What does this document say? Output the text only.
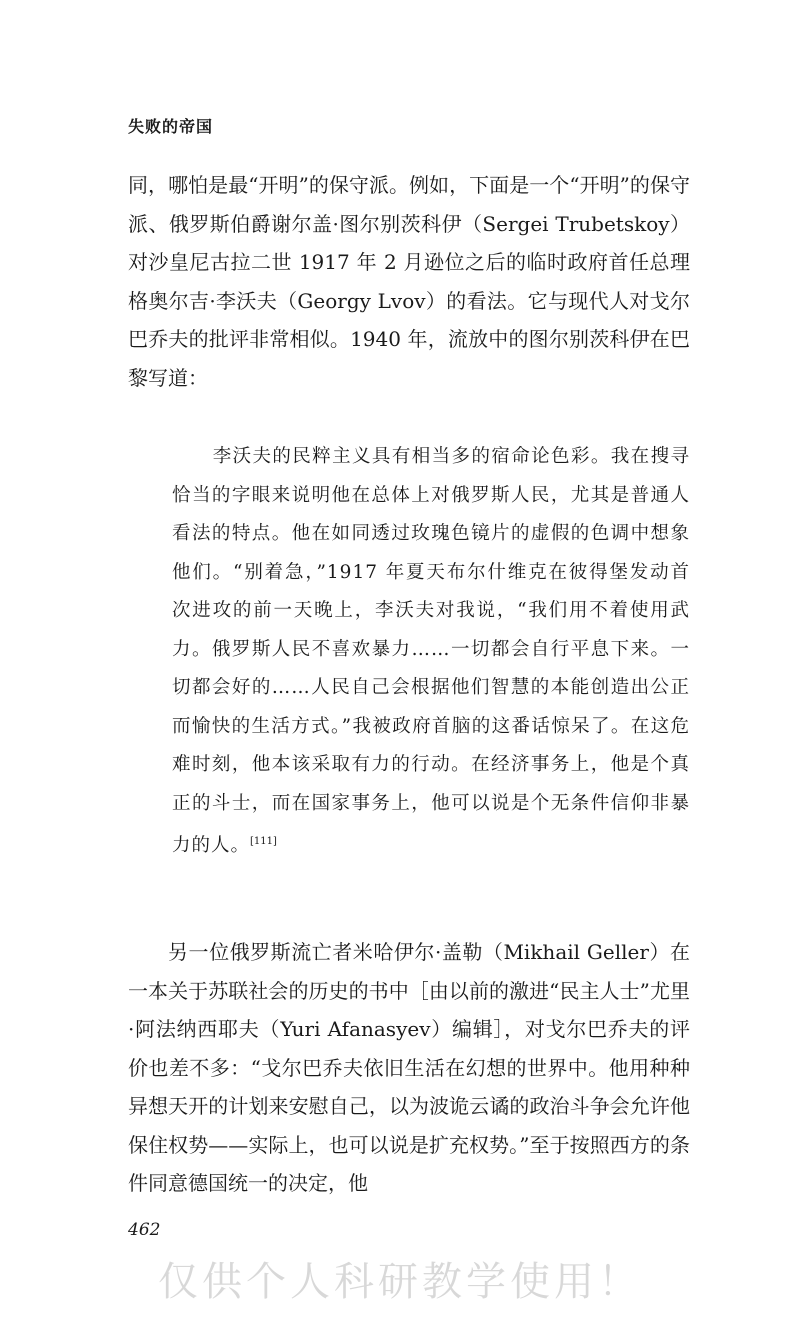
失败的帝国

同，哪怕是最“开明”的保守派。例如，下面是一个“开明”的保守派、俄罗斯伯爵谢尔盖·图尔别茨科伊（Sergei Trubetskoy）对沙皇尼古拉二世 1917 年 2 月逊位之后的临时政府首任总理格奥尔吉·李沃夫（Georgy Lvov）的看法。它与现代人对戈尔巴乔夫的批评非常相似。1940 年，流放中的图尔别茨科伊在巴黎写道：

李沃夫的民粹主义具有相当多的宿命论色彩。我在搜寻恰当的字眼来说明他在总体上对俄罗斯人民，尤其是普通人看法的特点。他在如同透过玫瑰色镜片的虚假的色调中想象他们。“别着急，”1917 年夏天布尔什维克在彼得堡发动首次进攻的前一天晚上，李沃夫对我说，“我们用不着使用武力。俄罗斯人民不喜欢暴力……一切都会自行平息下来。一切都会好的……人民自己会根据他们智慧的本能创造出公正而愉快的生活方式。”我被政府首脑的这番话惊呆了。在这危难时刻，他本该采取有力的行动。在经济事务上，他是个真正的斗士，而在国家事务上，他可以说是个无条件信仰非暴力的人。[111]

另一位俄罗斯流亡者米哈伊尔·盖勒（Mikhail Geller）在一本关于苏联社会的历史的书中［由以前的激进“民主人士”尤里·阿法纳西耶夫（Yuri Afanasyev）编辑］，对戈尔巴乔夫的评价也差不多：“戈尔巴乔夫依旧生活在幻想的世界中。他用种种异想天开的计划来安慰自己，以为波诡云谲的政治斗争会允许他保住权势——实际上，也可以说是扩充权势。”至于按照西方的条件同意德国统一的决定，他

462
仅供个人科研教学使用！
